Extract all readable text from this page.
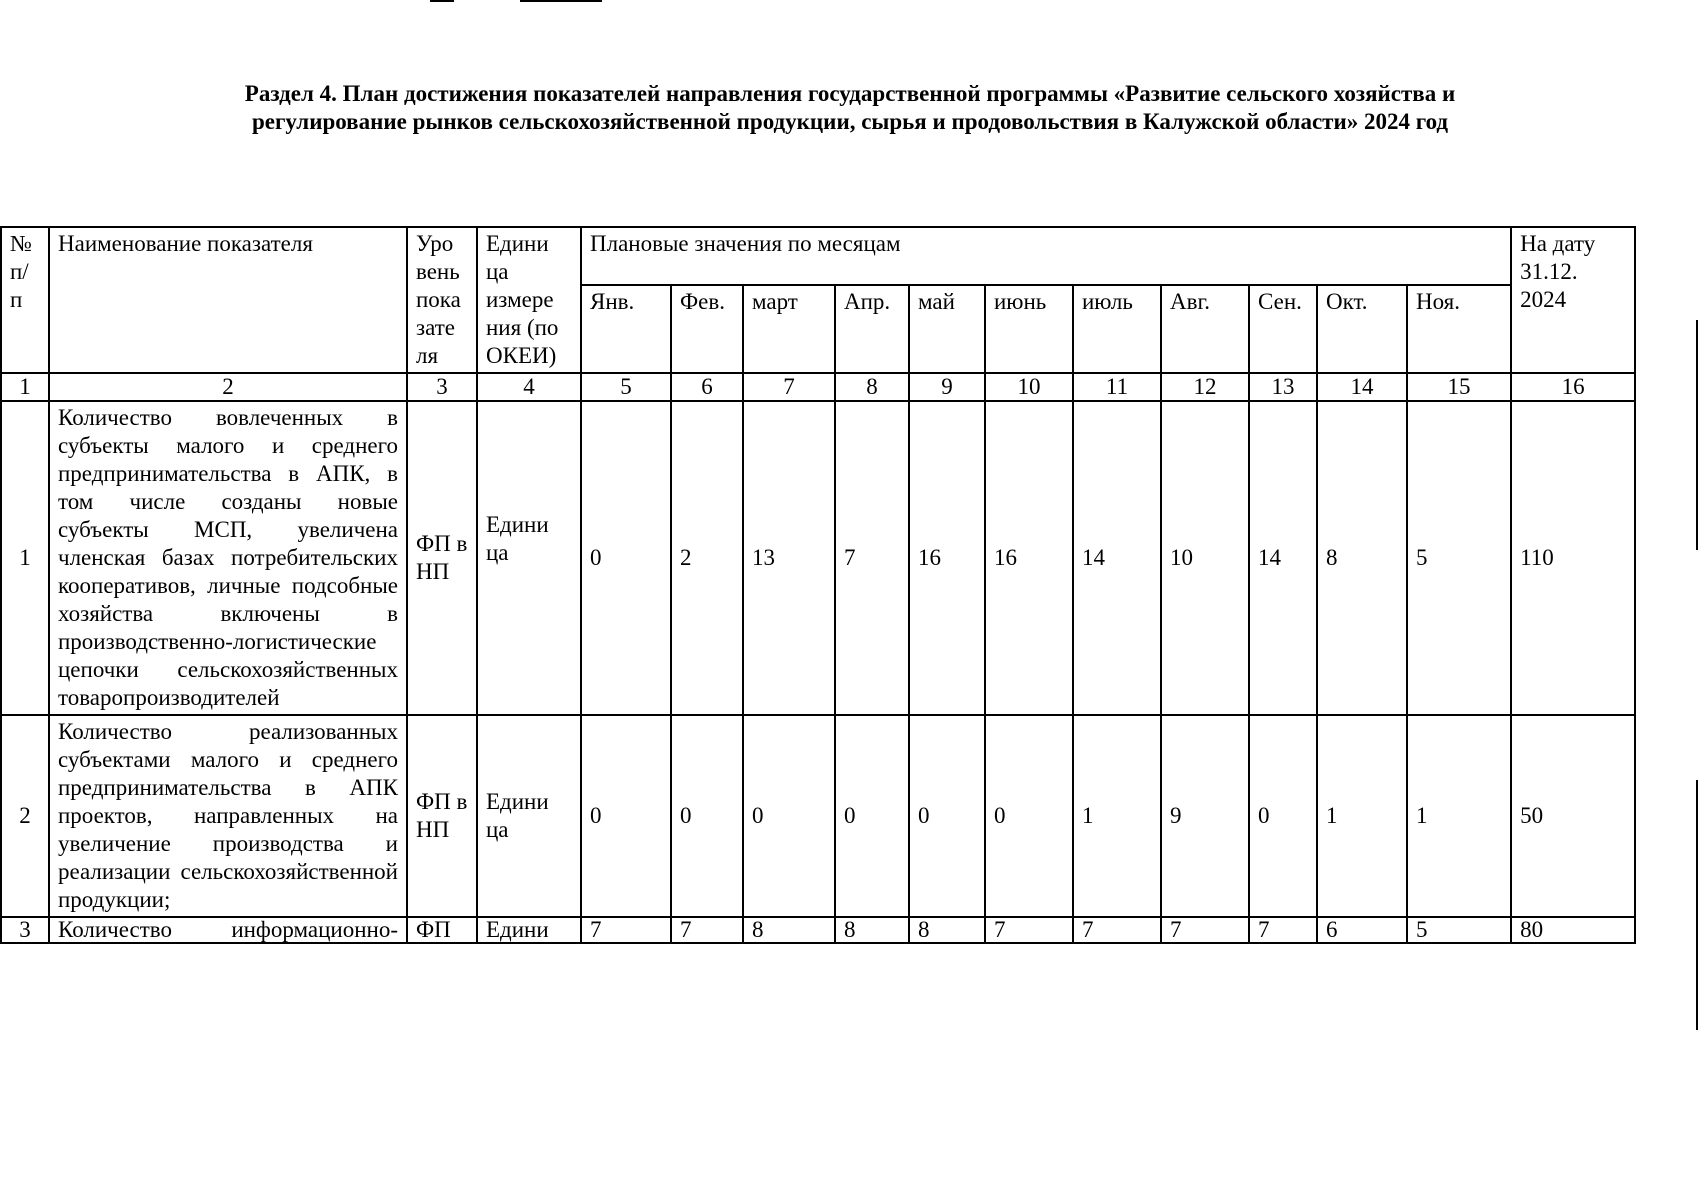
Раздел 4. План достижения показателей направления государственной программы «Развитие сельского хозяйства и
регулирование рынков сельскохозяйственной продукции, сырья и продовольствия в Калужской области» 2024 год
№ п/п	Наименование показателя	Уро вень пока зате ля	Едини ца измере ния (по ОКЕИ)	Плановые значения по месяцам											На дату 31.12. 2024
				Янв.	Фев.	март	Апр.	май	июнь	июль	Авг.	Сен.	Окт.	Ноя.	
1	2	3	4	5	6	7	8	9	10	11	12	13	14	15	16
1	Количество вовлеченных в субъекты малого и среднего предпринимательства в АПК, в том числе созданы новые субъекты МСП, увеличена членская базах потребительских кооперативов, личные подсобные хозяйства включены в производственно-логистические цепочки сельскохозяйственных товаропроизводителей	ФП в НП	Едини ца	0	2	13	7	16	16	14	10	14	8	5	110
2	Количество реализованных субъектами малого и среднего предпринимательства в АПК проектов, направленных на увеличение производства и реализации сельскохозяйственной продукции;	ФП в НП	Едини ца	0	0	0	0	0	0	1	9	0	1	1	50
3	Количество информационно-	ФП	Едини	7	7	8	8	8	7	7	7	7	6	5	80
